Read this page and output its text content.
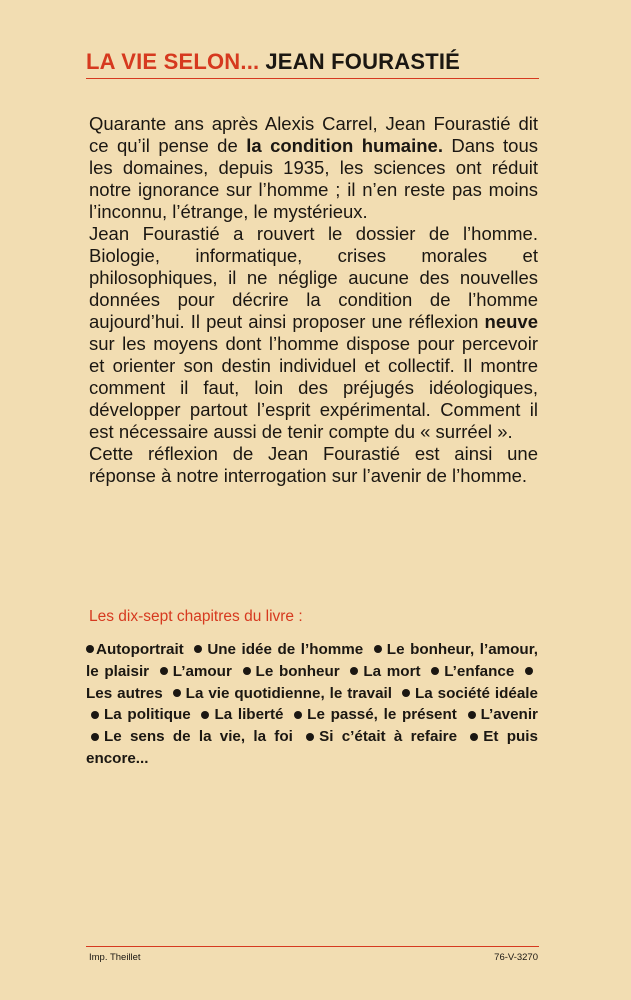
LA VIE SELON... JEAN FOURASTIÉ

Quarante ans après Alexis Carrel, Jean Fourastié dit ce qu’il pense de la condition humaine. Dans tous les domaines, depuis 1935, les sciences ont réduit notre ignorance sur l’homme ; il n’en reste pas moins l’inconnu, l’étrange, le mystérieux.

Jean Fourastié a rouvert le dossier de l’homme. Biologie, informatique, crises morales et philosophiques, il ne néglige aucune des nouvelles données pour décrire la condition de l’homme aujourd’hui. Il peut ainsi proposer une réflexion neuve sur les moyens dont l’homme dispose pour percevoir et orienter son destin individuel et collectif. Il montre comment il faut, loin des préjugés idéologiques, développer partout l’esprit expérimental. Comment il est nécessaire aussi de tenir compte du « surréel ».

Cette réflexion de Jean Fourastié est ainsi une réponse à notre interrogation sur l’avenir de l’homme.

Les dix-sept chapitres du livre :
Autoportrait Une idée de l’homme Le bonheur, l’amour, le plaisir L’amour Le bonheur La mort L’enfance Les autres La vie quotidienne, le travail La société idéale La politique La liberté Le passé, le présent L’avenir Le sens de la vie, la foi Si c’était à refaire Et puis encore...
Imp. Theillet	76-V-3270
